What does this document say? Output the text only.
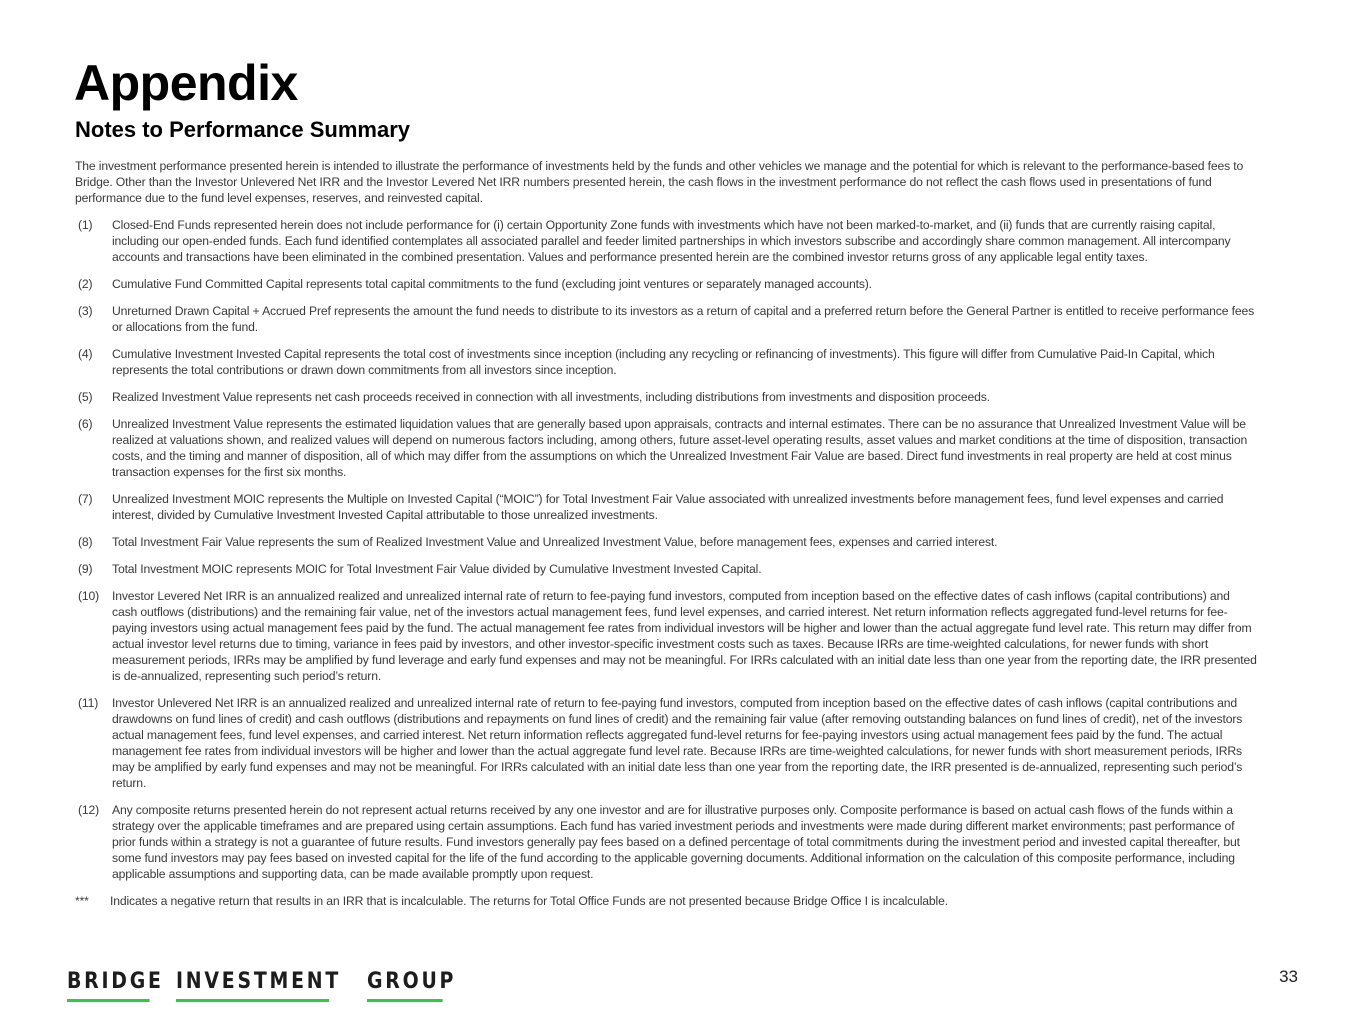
Appendix
Notes to Performance Summary

The investment performance presented herein is intended to illustrate the performance of investments held by the funds and other vehicles we manage and the potential for which is relevant to the performance-based fees to Bridge. Other than the Investor Unlevered Net IRR and the Investor Levered Net IRR numbers presented herein, the cash flows in the investment performance do not reflect the cash flows used in presentations of fund performance due to the fund level expenses, reserves, and reinvested capital.

(1)	Closed-End Funds represented herein does not include performance for (i) certain Opportunity Zone funds with investments which have not been marked-to-market, and (ii) funds that are currently raising capital, including our open-ended funds. Each fund identified contemplates all associated parallel and feeder limited partnerships in which investors subscribe and accordingly share common management. All intercompany accounts and transactions have been eliminated in the combined presentation. Values and performance presented herein are the combined investor returns gross of any applicable legal entity taxes.
(2)	Cumulative Fund Committed Capital represents total capital commitments to the fund (excluding joint ventures or separately managed accounts).
(3)	Unreturned Drawn Capital + Accrued Pref represents the amount the fund needs to distribute to its investors as a return of capital and a preferred return before the General Partner is entitled to receive performance fees or allocations from the fund.
(4)	Cumulative Investment Invested Capital represents the total cost of investments since inception (including any recycling or refinancing of investments). This figure will differ from Cumulative Paid-In Capital, which represents the total contributions or drawn down commitments from all investors since inception.
(5)	Realized Investment Value represents net cash proceeds received in connection with all investments, including distributions from investments and disposition proceeds.
(6)	Unrealized Investment Value represents the estimated liquidation values that are generally based upon appraisals, contracts and internal estimates. There can be no assurance that Unrealized Investment Value will be realized at valuations shown, and realized values will depend on numerous factors including, among others, future asset-level operating results, asset values and market conditions at the time of disposition, transaction costs, and the timing and manner of disposition, all of which may differ from the assumptions on which the Unrealized Investment Fair Value are based. Direct fund investments in real property are held at cost minus transaction expenses for the first six months.
(7)	Unrealized Investment MOIC represents the Multiple on Invested Capital (“MOIC”) for Total Investment Fair Value associated with unrealized investments before management fees, fund level expenses and carried interest, divided by Cumulative Investment Invested Capital attributable to those unrealized investments.
(8)	Total Investment Fair Value represents the sum of Realized Investment Value and Unrealized Investment Value, before management fees, expenses and carried interest.
(9)	Total Investment MOIC represents MOIC for Total Investment Fair Value divided by Cumulative Investment Invested Capital.
(10)	Investor Levered Net IRR is an annualized realized and unrealized internal rate of return to fee-paying fund investors, computed from inception based on the effective dates of cash inflows (capital contributions) and cash outflows (distributions) and the remaining fair value, net of the investors actual management fees, fund level expenses, and carried interest. Net return information reflects aggregated fund-level returns for fee-paying investors using actual management fees paid by the fund. The actual management fee rates from individual investors will be higher and lower than the actual aggregate fund level rate. This return may differ from actual investor level returns due to timing, variance in fees paid by investors, and other investor-specific investment costs such as taxes. Because IRRs are time-weighted calculations, for newer funds with short measurement periods, IRRs may be amplified by fund leverage and early fund expenses and may not be meaningful. For IRRs calculated with an initial date less than one year from the reporting date, the IRR presented is de-annualized, representing such period’s return.
(11)	Investor Unlevered Net IRR is an annualized realized and unrealized internal rate of return to fee-paying fund investors, computed from inception based on the effective dates of cash inflows (capital contributions and drawdowns on fund lines of credit) and cash outflows (distributions and repayments on fund lines of credit) and the remaining fair value (after removing outstanding balances on fund lines of credit), net of the investors actual management fees, fund level expenses, and carried interest. Net return information reflects aggregated fund-level returns for fee-paying investors using actual management fees paid by the fund. The actual management fee rates from individual investors will be higher and lower than the actual aggregate fund level rate. Because IRRs are time-weighted calculations, for newer funds with short measurement periods, IRRs may be amplified by early fund expenses and may not be meaningful. For IRRs calculated with an initial date less than one year from the reporting date, the IRR presented is de-annualized, representing such period’s return.
(12)	Any composite returns presented herein do not represent actual returns received by any one investor and are for illustrative purposes only. Composite performance is based on actual cash flows of the funds within a strategy over the applicable timeframes and are prepared using certain assumptions. Each fund has varied investment periods and investments were made during different market environments; past performance of prior funds within a strategy is not a guarantee of future results. Fund investors generally pay fees based on a defined percentage of total commitments during the investment period and invested capital thereafter, but some fund investors may pay fees based on invested capital for the life of the fund according to the applicable governing documents. Additional information on the calculation of this composite performance, including applicable assumptions and supporting data, can be made available promptly upon request.
***	Indicates a negative return that results in an IRR that is incalculable. The returns for Total Office Funds are not presented because Bridge Office I is incalculable.
BRIDGE INVESTMENT GROUP	33
